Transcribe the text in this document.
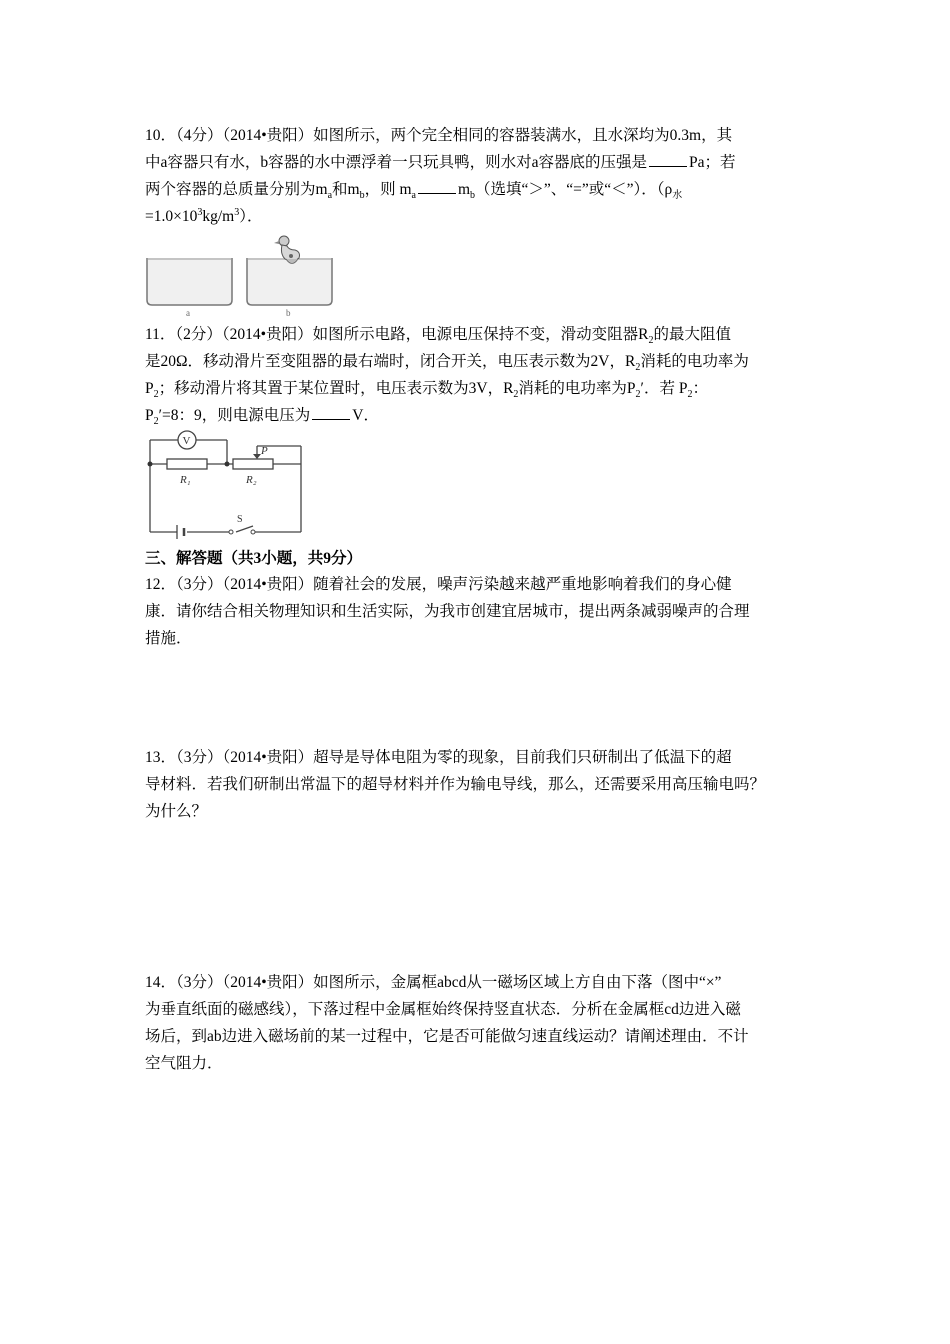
10．（4分）（2014•贵阳）如图所示，两个完全相同的容器装满水，且水深均为0.3m，其

中a容器只有水，b容器的水中漂浮着一只玩具鸭，则水对a容器底的压强是	Pa；若

两个容器的总质量分别为$m_a$和$m_b$，则 $m_a$	$m_b$（选填“＞”、“=”或“＜”）．（$\rho_水$

$=1.0\times 10^3kg/m^3$）．

a	b

11．（2分）（2014•贵阳）如图所示电路，电源电压保持不变，滑动变阻器$R_2$的最大阻值

是20Ω．移动滑片至变阻器的最右端时，闭合开关，电压表示数为2V，$R_2$消耗的电功率为

$P_2$；移动滑片将其置于某位置时，电压表示数为3V，$R_2$消耗的电功率为$P_2'$．若 $P_2$：

$P_2'=8$：9，则电源电压为	V．

V
R₁	R₂
P
S
三、解答题（共3小题，共9分）

12．（3分）（2014•贵阳）随着社会的发展，噪声污染越来越严重地影响着我们的身心健

康．请你结合相关物理知识和生活实际，为我市创建宜居城市，提出两条减弱噪声的合理

措施．

13．（3分）（2014•贵阳）超导是导体电阻为零的现象，目前我们只研制出了低温下的超

导材料．若我们研制出常温下的超导材料并作为输电导线，那么，还需要采用高压输电吗？

为什么？

14．（3分）（2014•贵阳）如图所示，金属框abcd从一磁场区域上方自由下落（图中“×”

为垂直纸面的磁感线），下落过程中金属框始终保持竖直状态．分析在金属框cd边进入磁

场后，到ab边进入磁场前的某一过程中，它是否可能做匀速直线运动？请阐述理由．不计

空气阻力．
